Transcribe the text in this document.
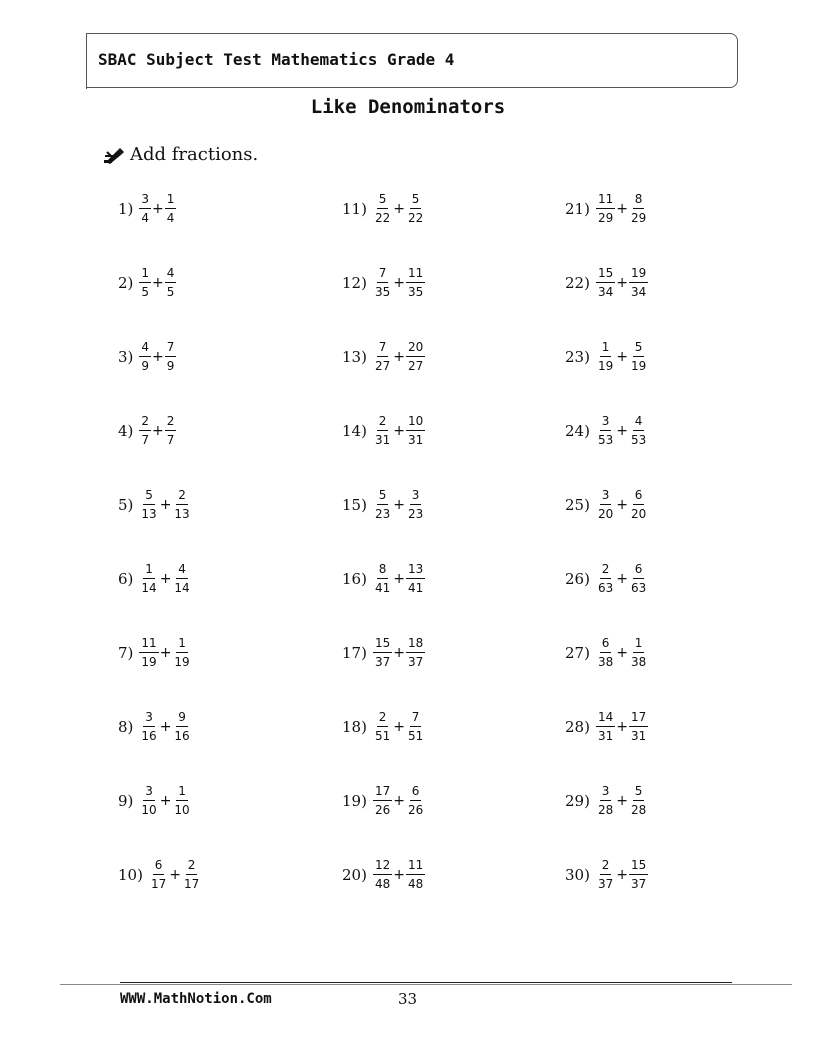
SBAC Subject Test Mathematics Grade 4
Like Denominators
Add fractions.
$1) \frac{3}{4} + \frac{1}{4}$
$2) \frac{1}{5} + \frac{4}{5}$
$3) \frac{4}{9} + \frac{7}{9}$
$4) \frac{2}{7} + \frac{2}{7}$
$5) \frac{5}{13} + \frac{2}{13}$
$6) \frac{1}{14} + \frac{4}{14}$
$7) \frac{11}{19} + \frac{1}{19}$
$8) \frac{3}{16} + \frac{9}{16}$
$9) \frac{3}{10} + \frac{1}{10}$
$10) \frac{6}{17} + \frac{2}{17}$
$11) \frac{5}{22} + \frac{5}{22}$
$12) \frac{7}{35} + \frac{11}{35}$
$13) \frac{7}{27} + \frac{20}{27}$
$14) \frac{2}{31} + \frac{10}{31}$
$15) \frac{5}{23} + \frac{3}{23}$
$16) \frac{8}{41} + \frac{13}{41}$
$17) \frac{15}{37} + \frac{18}{37}$
$18) \frac{2}{51} + \frac{7}{51}$
$19) \frac{17}{26} + \frac{6}{26}$
$20) \frac{12}{48} + \frac{11}{48}$
$21) \frac{11}{29} + \frac{8}{29}$
$22) \frac{15}{34} + \frac{19}{34}$
$23) \frac{1}{19} + \frac{5}{19}$
$24) \frac{3}{53} + \frac{4}{53}$
$25) \frac{3}{20} + \frac{6}{20}$
$26) \frac{2}{63} + \frac{6}{63}$
$27) \frac{6}{38} + \frac{1}{38}$
$28) \frac{14}{31} + \frac{17}{31}$
$29) \frac{3}{28} + \frac{5}{28}$
$30) \frac{2}{37} + \frac{15}{37}$
WWW.MathNotion.Com	33
